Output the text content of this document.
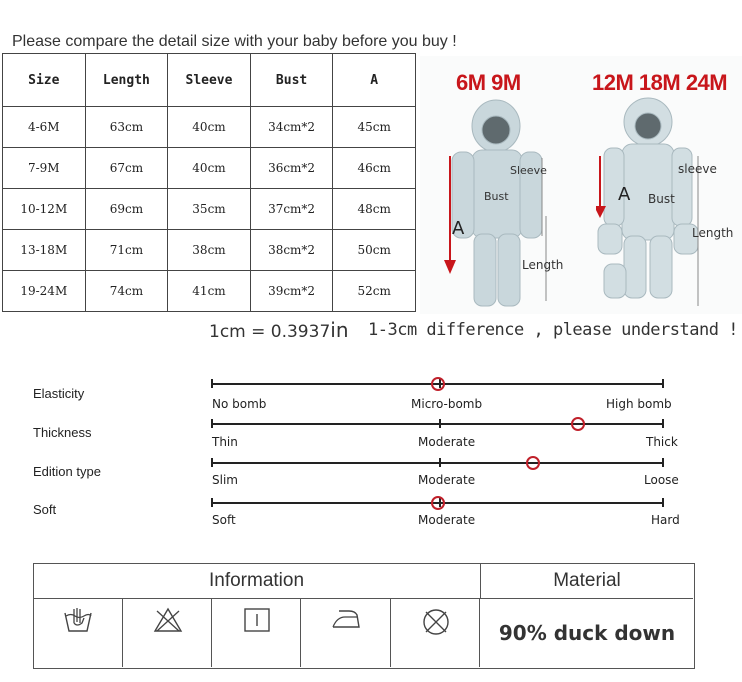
Please compare the detail size with your baby before you buy !
Size	Length	Sleeve	Bust	A
4-6M	63cm	40cm	34cm*2	45cm
7-9M	67cm	40cm	36cm*2	46cm
10-12M	69cm	35cm	37cm*2	48cm
13-18M	71cm	38cm	38cm*2	50cm
19-24M	74cm	41cm	39cm*2	52cm
6M 9M	12M 18M 24M
Sleeve
Bust
Length
A
sleeve
Bust
Length
A
1cm = 0.3937in 1-3cm difference , please understand !
Elasticity
No bomb	Micro-bomb	High bomb
Thickness
Thin	Moderate	Thick
Edition type
Slim	Moderate	Loose
Soft
Soft	Moderate	Hard
Information	Material
90% duck down
